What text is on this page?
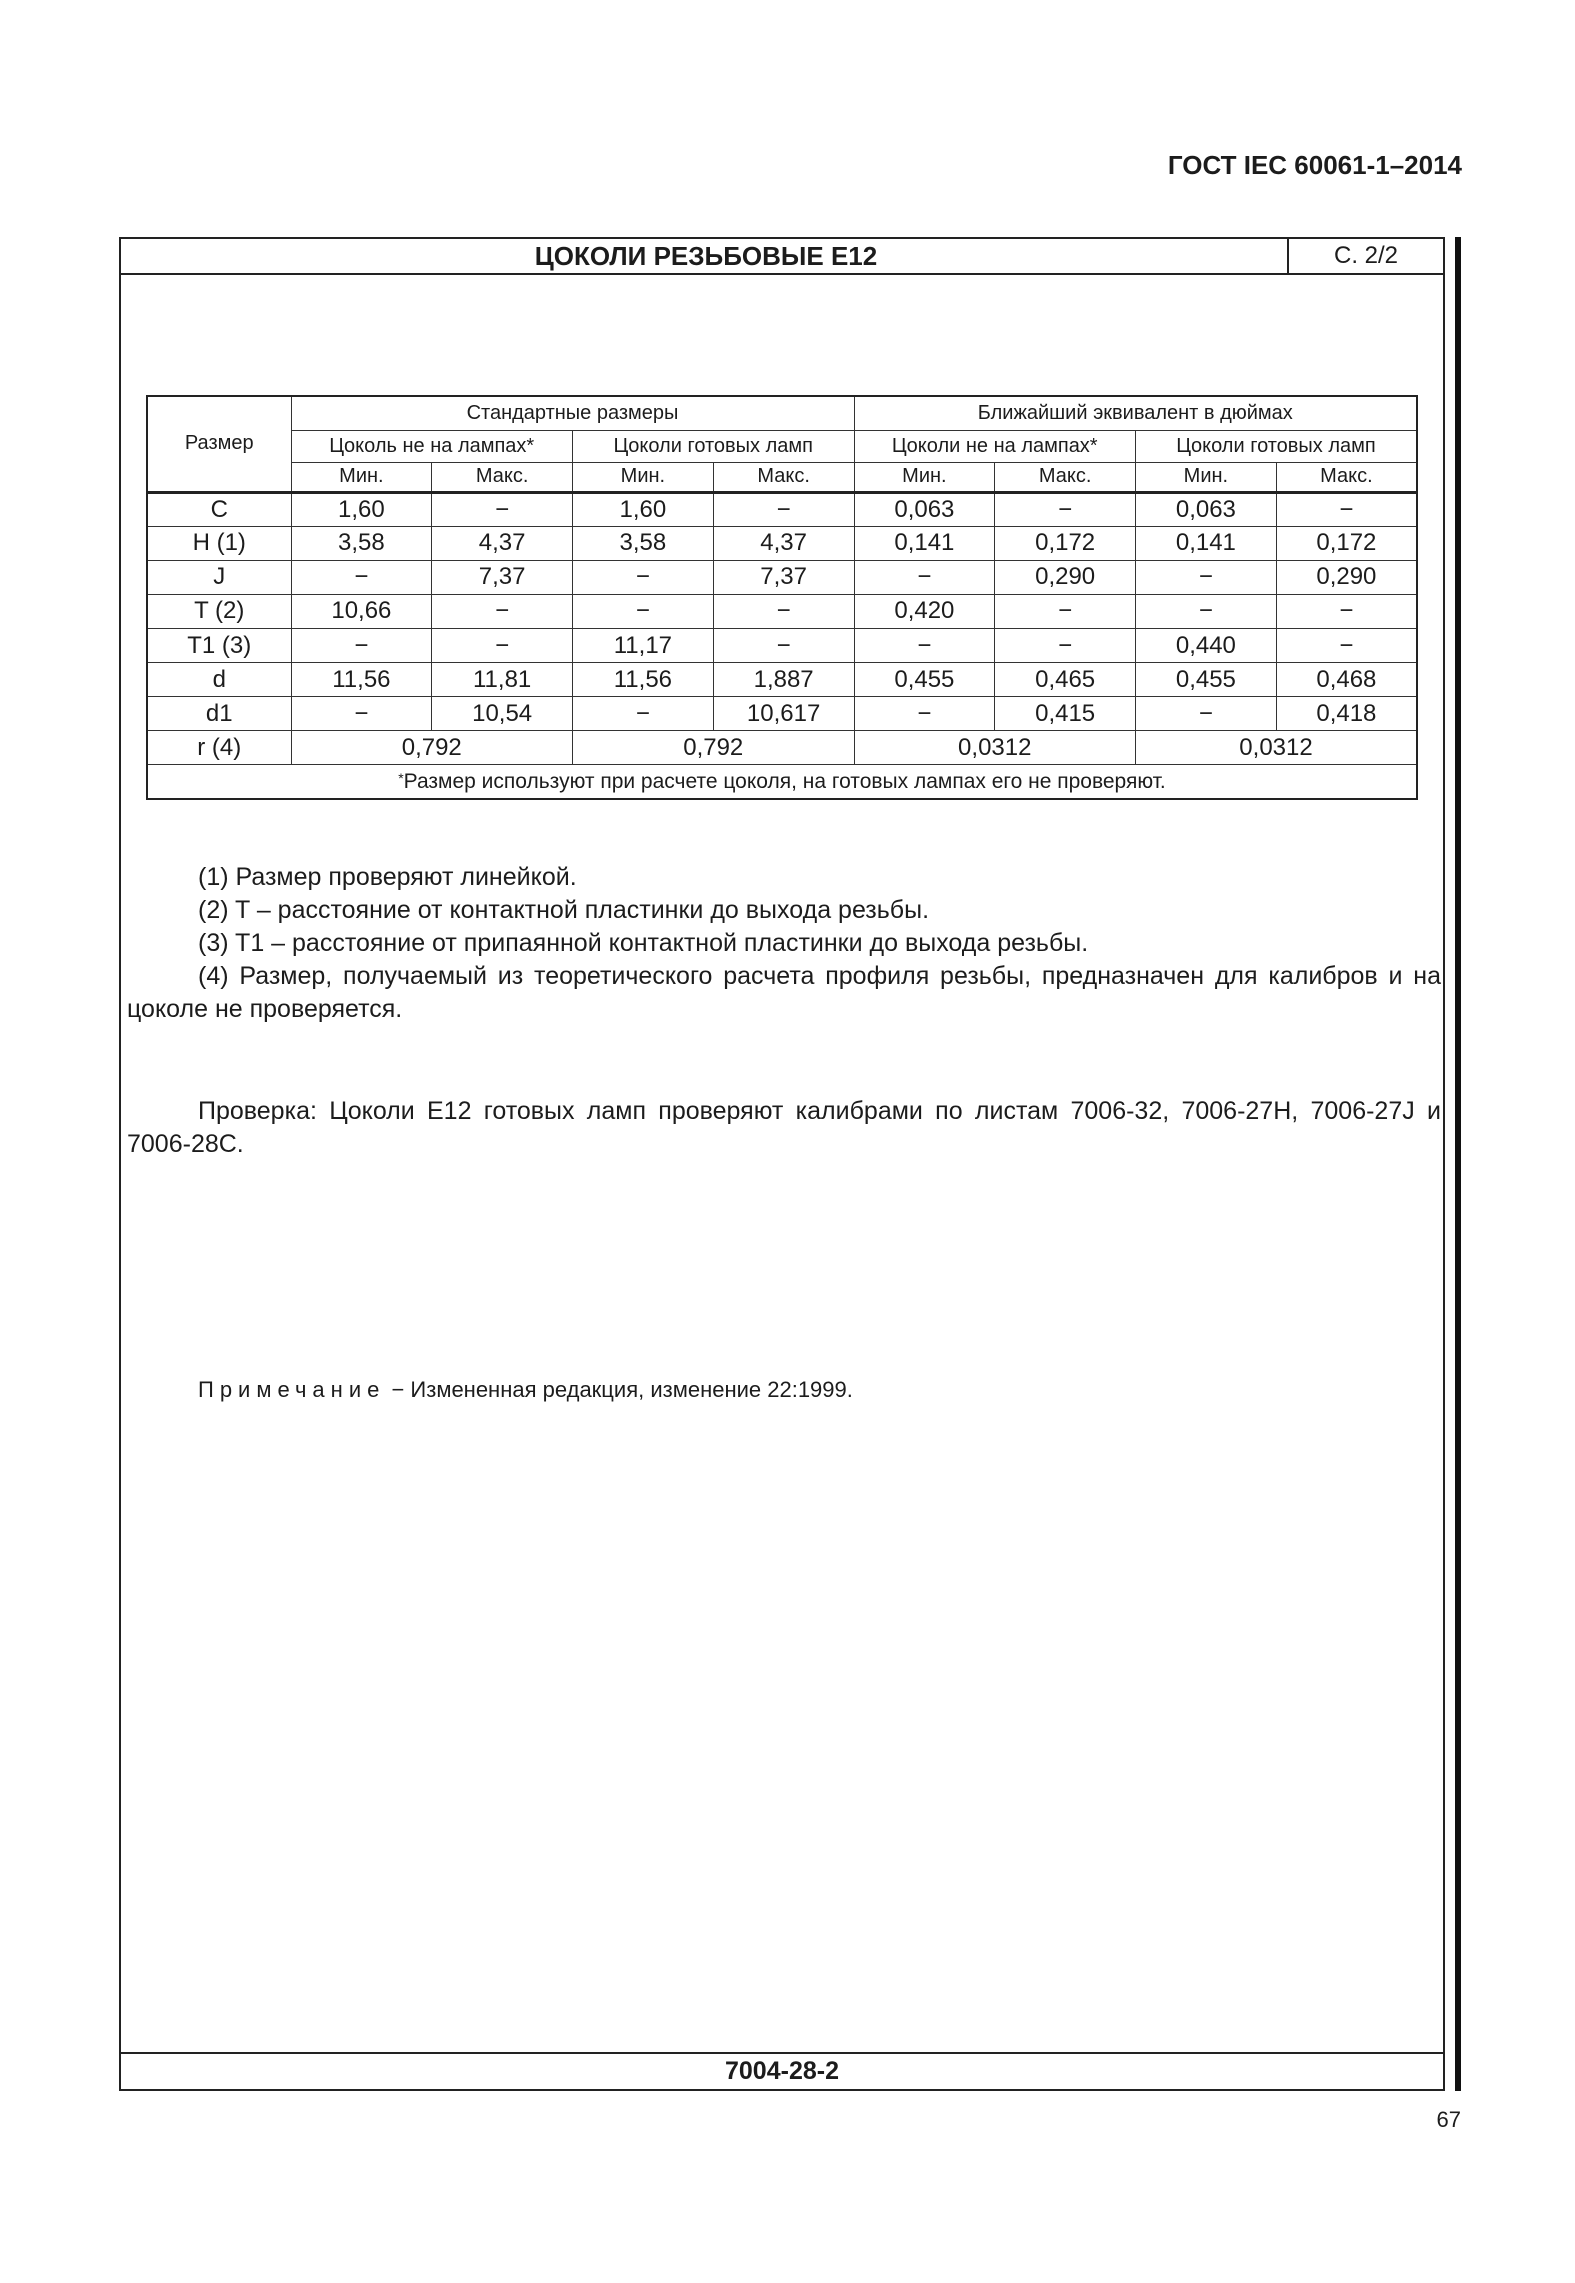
ГОСТ IEC 60061-1–2014
ЦОКОЛИ РЕЗЬБОВЫЕ Е12	С. 2/2
7004-28-2
Размер	Стандартные размеры				Ближайший эквивалент в дюймах			
	Цоколь не на лампах*		Цоколи готовых ламп		Цоколи не на лампах*		Цоколи готовых ламп	
	Мин.	Макс.	Мин.	Макс.	Мин.	Макс.	Мин.	Макс.
C	1,60	−	1,60	−	0,063	−	0,063	−
H (1)	3,58	4,37	3,58	4,37	0,141	0,172	0,141	0,172
J	−	7,37	−	7,37	−	0,290	−	0,290
T (2)	10,66	−	−	−	0,420	−	−	−
T1 (3)	−	−	11,17	−	−	−	0,440	−
d	11,56	11,81	11,56	1,887	0,455	0,465	0,455	0,468
d1	−	10,54	−	10,617	−	0,415	−	0,418
r (4)	0,792		0,792		0,0312		0,0312	
*Размер используют при расчете цоколя, на готовых лампах его не проверяют.								

(1) Размер проверяют линейкой.

(2) T – расстояние от контактной пластинки до выхода резьбы.

(3) T1 – расстояние от припаянной контактной пластинки до выхода резьбы.

(4) Размер, получаемый из теоретического расчета профиля резьбы, предназначен для калибров и на цоколе не проверяется.

Проверка: Цоколи E12 готовых ламп проверяют калибрами по листам 7006-32, 7006-27H, 7006-27J и 7006-28C.

Примечание − Измененная редакция, изменение 22:1999.
67
